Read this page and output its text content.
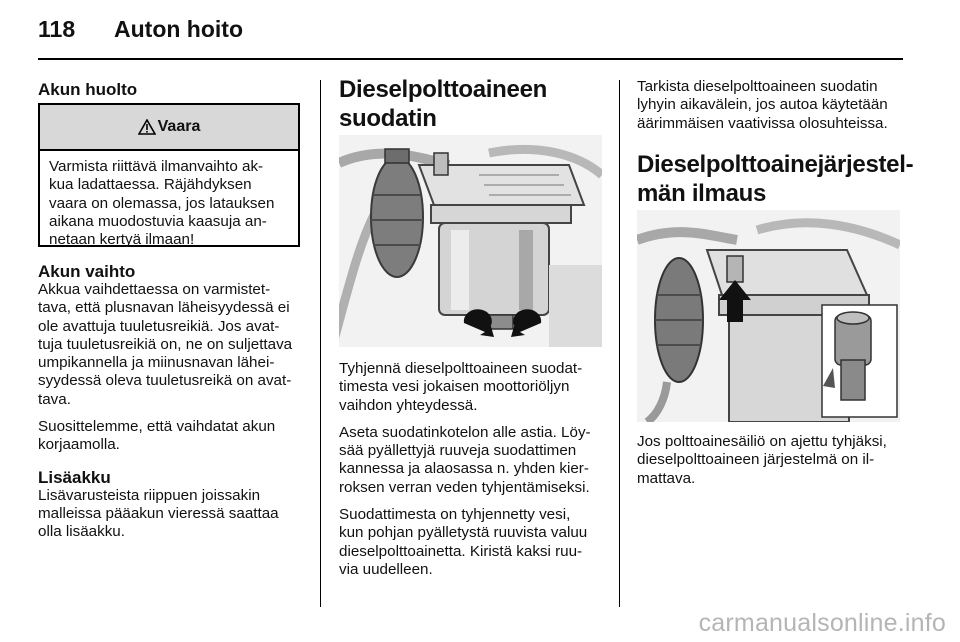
118 Auton hoito
Akun huolto
Vaara
Varmista riittävä ilmanvaihto ak-
kua ladattaessa. Räjähdyksen
vaara on olemassa, jos latauksen
aikana muodostuvia kaasuja an-
netaan kertyä ilmaan!
Akun vaihto

Akkua vaihdettaessa on varmistet-
tava, että plusnavan läheisyydessä ei
ole avattuja tuuletusreikiä. Jos avat-
tuja tuuletusreikiä on, ne on suljettava
umpikannella ja miinusnavan lähei-
syydessä oleva tuuletusreikä on avat-
tava.

Suosittelemme, että vaihdatat akun
korjaamolla.

Lisäakku

Lisävarusteista riippuen joissakin
malleissa pääakun vieressä saattaa
olla lisäakku.

Dieselpolttoaineen
suodatin

Tyhjennä dieselpolttoaineen suodat-
timesta vesi jokaisen moottoriöljyn
vaihdon yhteydessä.

Aseta suodatinkotelon alle astia. Löy-
sää pyällettyjä ruuveja suodattimen
kannessa ja alaosassa n. yhden kier-
roksen verran veden tyhjentämiseksi.

Suodattimesta on tyhjennetty vesi,
kun pohjan pyälletystä ruuvista valuu
dieselpolttoainetta. Kiristä kaksi ruu-
via uudelleen.

Tarkista dieselpolttoaineen suodatin
lyhyin aikavälein, jos autoa käytetään
äärimmäisen vaativissa olosuhteissa.

Dieselpolttoainejärjestel-
män ilmaus

Jos polttoainesäiliö on ajettu tyhjäksi,
dieselpolttoaineen järjestelmä on il-
mattava.

carmanualsonline.info
